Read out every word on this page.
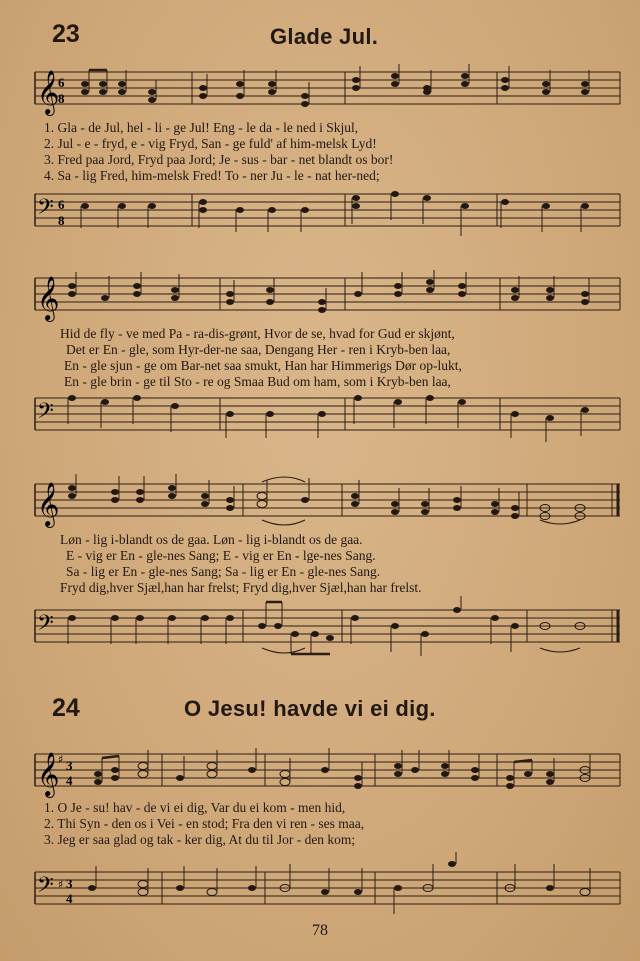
23	Glade Jul.
𝄞
6
8
1. Gla - de Jul, hel - li - ge Jul! Eng - le da - le ned i Skjul,
2. Jul - e - fryd, e - vig Fryd, San - ge fuld' af him-melsk Lyd!
3. Fred paa Jord, Fryd paa Jord; Je - sus - bar - net blandt os bor!
4. Sa - lig Fred, him-melsk Fred! To - ner Ju - le - nat her-ned;
𝄢 6
8
𝄞
Hid de fly - ve med Pa - ra-dis-grønt, Hvor de se, hvad for Gud er skjønt,
Det er En - gle, som Hyr-der-ne saa, Dengang Her - ren i Kryb-ben laa,
En - gle sjun - ge om Bar-net saa smukt, Han har Himmerigs Dør op-lukt,
En - gle brin - ge til Sto - re og Smaa Bud om ham, som i Kryb-ben laa,
𝄢
𝄞
Løn - lig i-blandt os de gaa. Løn - lig i-blandt os de gaa.
E - vig er En - gle-nes Sang; E - vig er En - lge-nes Sang.
Sa - lig er En - gle-nes Sang; Sa - lig er En - gle-nes Sang.
Fryd dig,hver Sjæl,han har frelst; Fryd dig,hver Sjæl,han har frelst.
𝄢
24	O Jesu! havde vi ei dig.
𝄞
♯ 3
4
1. O Je - su! hav - de vi ei dig, Var du ei kom - men hid,
2. Thi Syn - den os i Vei - en stod; Fra den vi ren - ses maa,
3. Jeg er saa glad og tak - ker dig, At du til Jor - den kom;
𝄢 ♯ 3
4
78
